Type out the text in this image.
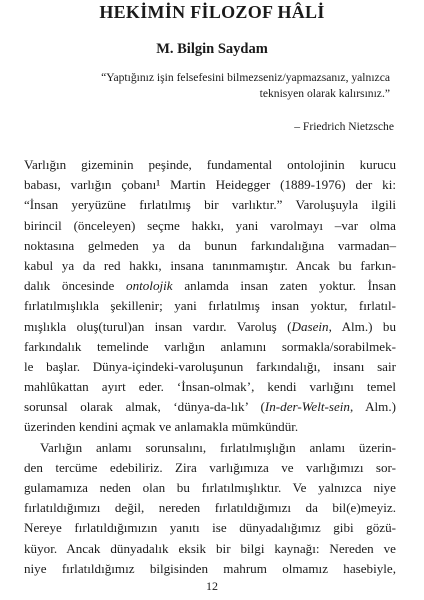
HEKİMİN FİLOZOF HÂLİ
M. Bilgin Saydam
“Yaptığınız işin felsefesini bilmezseniz/yapmazsanız, yalnızca
teknisyen olarak kalırsınız.”
– Friedrich Nietzsche
Varlığın gizeminin peşinde, fundamental ontolojinin kurucu
babası, varlığın çobanı¹ Martin Heidegger (1889-1976) der ki:
“İnsan yeryüzüne fırlatılmış bir varlıktır.” Varoluşuyla ilgili
birincil (önceleyen) seçme hakkı, yani varolmayı –var olma
noktasına gelmeden ya da bunun farkındalığına varmadan–
kabul ya da red hakkı, insana tanınmamıştır. Ancak bu farkın-
dalık öncesinde ontolojik anlamda insan zaten yoktur. İnsan
fırlatılmışlıkla şekillenir; yani fırlatılmış insan yoktur, fırlatıl-
mışlıkla oluş(turul)an insan vardır. Varoluş (Dasein, Alm.) bu
farkındalık temelinde varlığın anlamını sormakla/sorabilmek-
le başlar. Dünya-içindeki-varoluşunun farkındalığı, insanı sair
mahlûkattan ayırt eder. ‘İnsan-olmak’, kendi varlığını temel
sorunsal olarak almak, ‘dünya-da-lık’ (In-der-Welt-sein, Alm.)
üzerinden kendini açmak ve anlamakla mümkündür.
Varlığın anlamı sorunsalını, fırlatılmışlığın anlamı üzerin-
den tercüme edebiliriz. Zira varlığımıza ve varlığımızı sor-
gulamamıza neden olan bu fırlatılmışlıktır. Ve yalnızca niye
fırlatıldığımızı değil, nereden fırlatıldığımızı da bil(e)meyiz.
Nereye fırlatıldığımızın yanıtı ise dünyadalığımız gibi gözü-
küyor. Ancak dünyadalık eksik bir bilgi kaynağı: Nereden ve
niye fırlatıldığımız bilgisinden mahrum olmamız hasebiyle,
12
